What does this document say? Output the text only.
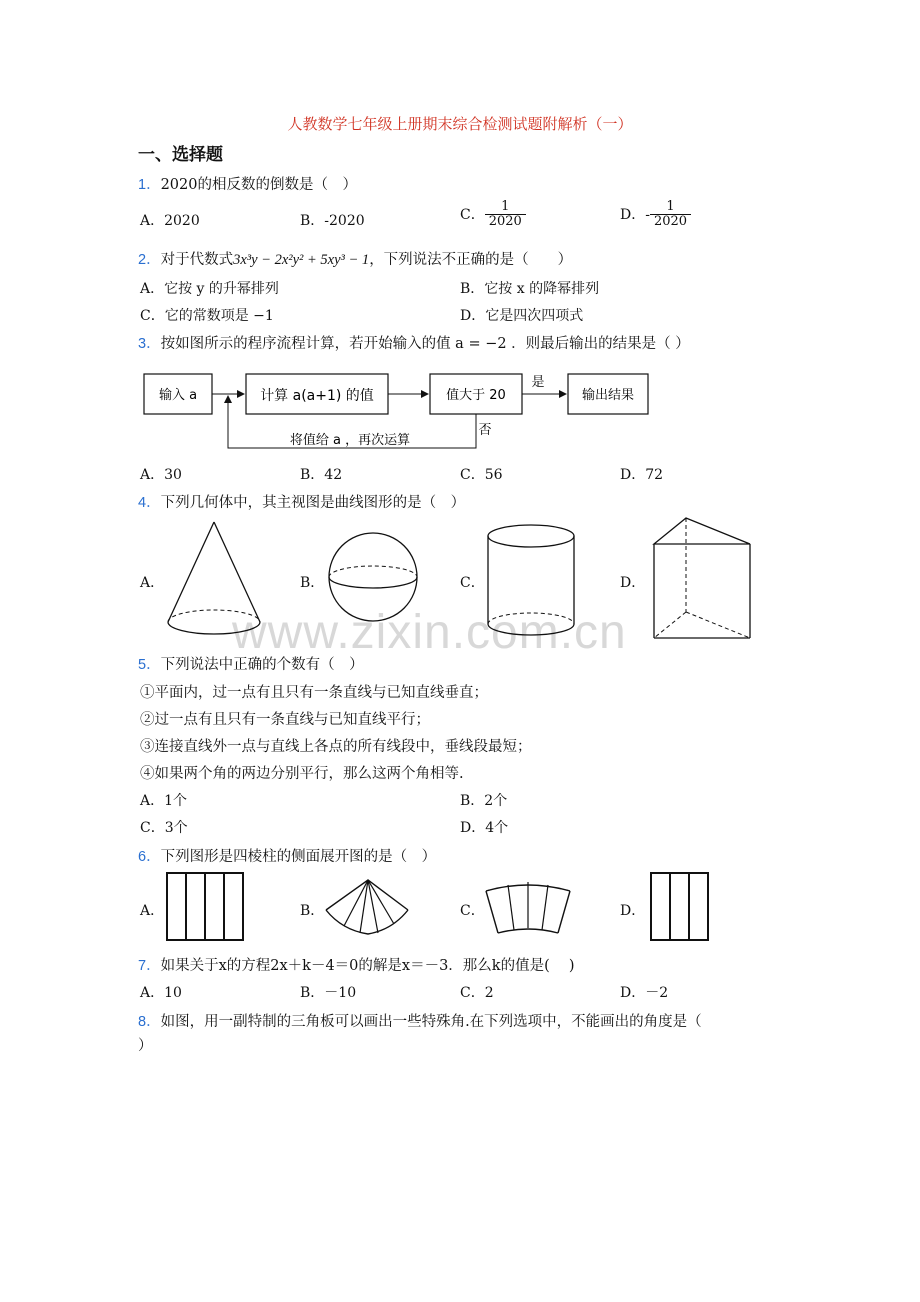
人教数学七年级上册期末综合检测试题附解析（一）
一、选择题
www.zixin.com.cn
1．2020的相反数的倒数是（　）
A．2020	B．-2020	C． $\frac{1}{2020}$	D．- $\frac{1}{2020}$
2．对于代数式3x³y − 2x²y² + 5xy³ − 1，下列说法不正确的是（　　）
A．它按 y 的升幂排列	B．它按 x 的降幂排列
C．它的常数项是 −1	D．它是四次四项式
3．按如图所示的程序流程计算，若开始输入的值 a = −2 ．则最后输出的结果是（ ）
输入 a	计算 a(a+1) 的值	值大于 20
是
输出结果
否
将值给 a ，再次运算
A．30	B．42	C．56	D．72
4．下列几何体中，其主视图是曲线图形的是（　）
A．	B．	C．	D．
5．下列说法中正确的个数有（　）
①平面内，过一点有且只有一条直线与已知直线垂直；
②过一点有且只有一条直线与已知直线平行；
③连接直线外一点与直线上各点的所有线段中，垂线段最短；
④如果两个角的两边分别平行，那么这两个角相等.
A．1个	B．2个
C．3个	D．4个
6．下列图形是四棱柱的侧面展开图的是（　）
A．	B．	C．	D．
7．如果关于x的方程2x＋k－4＝0的解是x＝－3．那么k的值是(　 )
A．10	B．－10	C．2	D．－2
8．如图，用一副特制的三角板可以画出一些特殊角.在下列选项中，不能画出的角度是（
）
